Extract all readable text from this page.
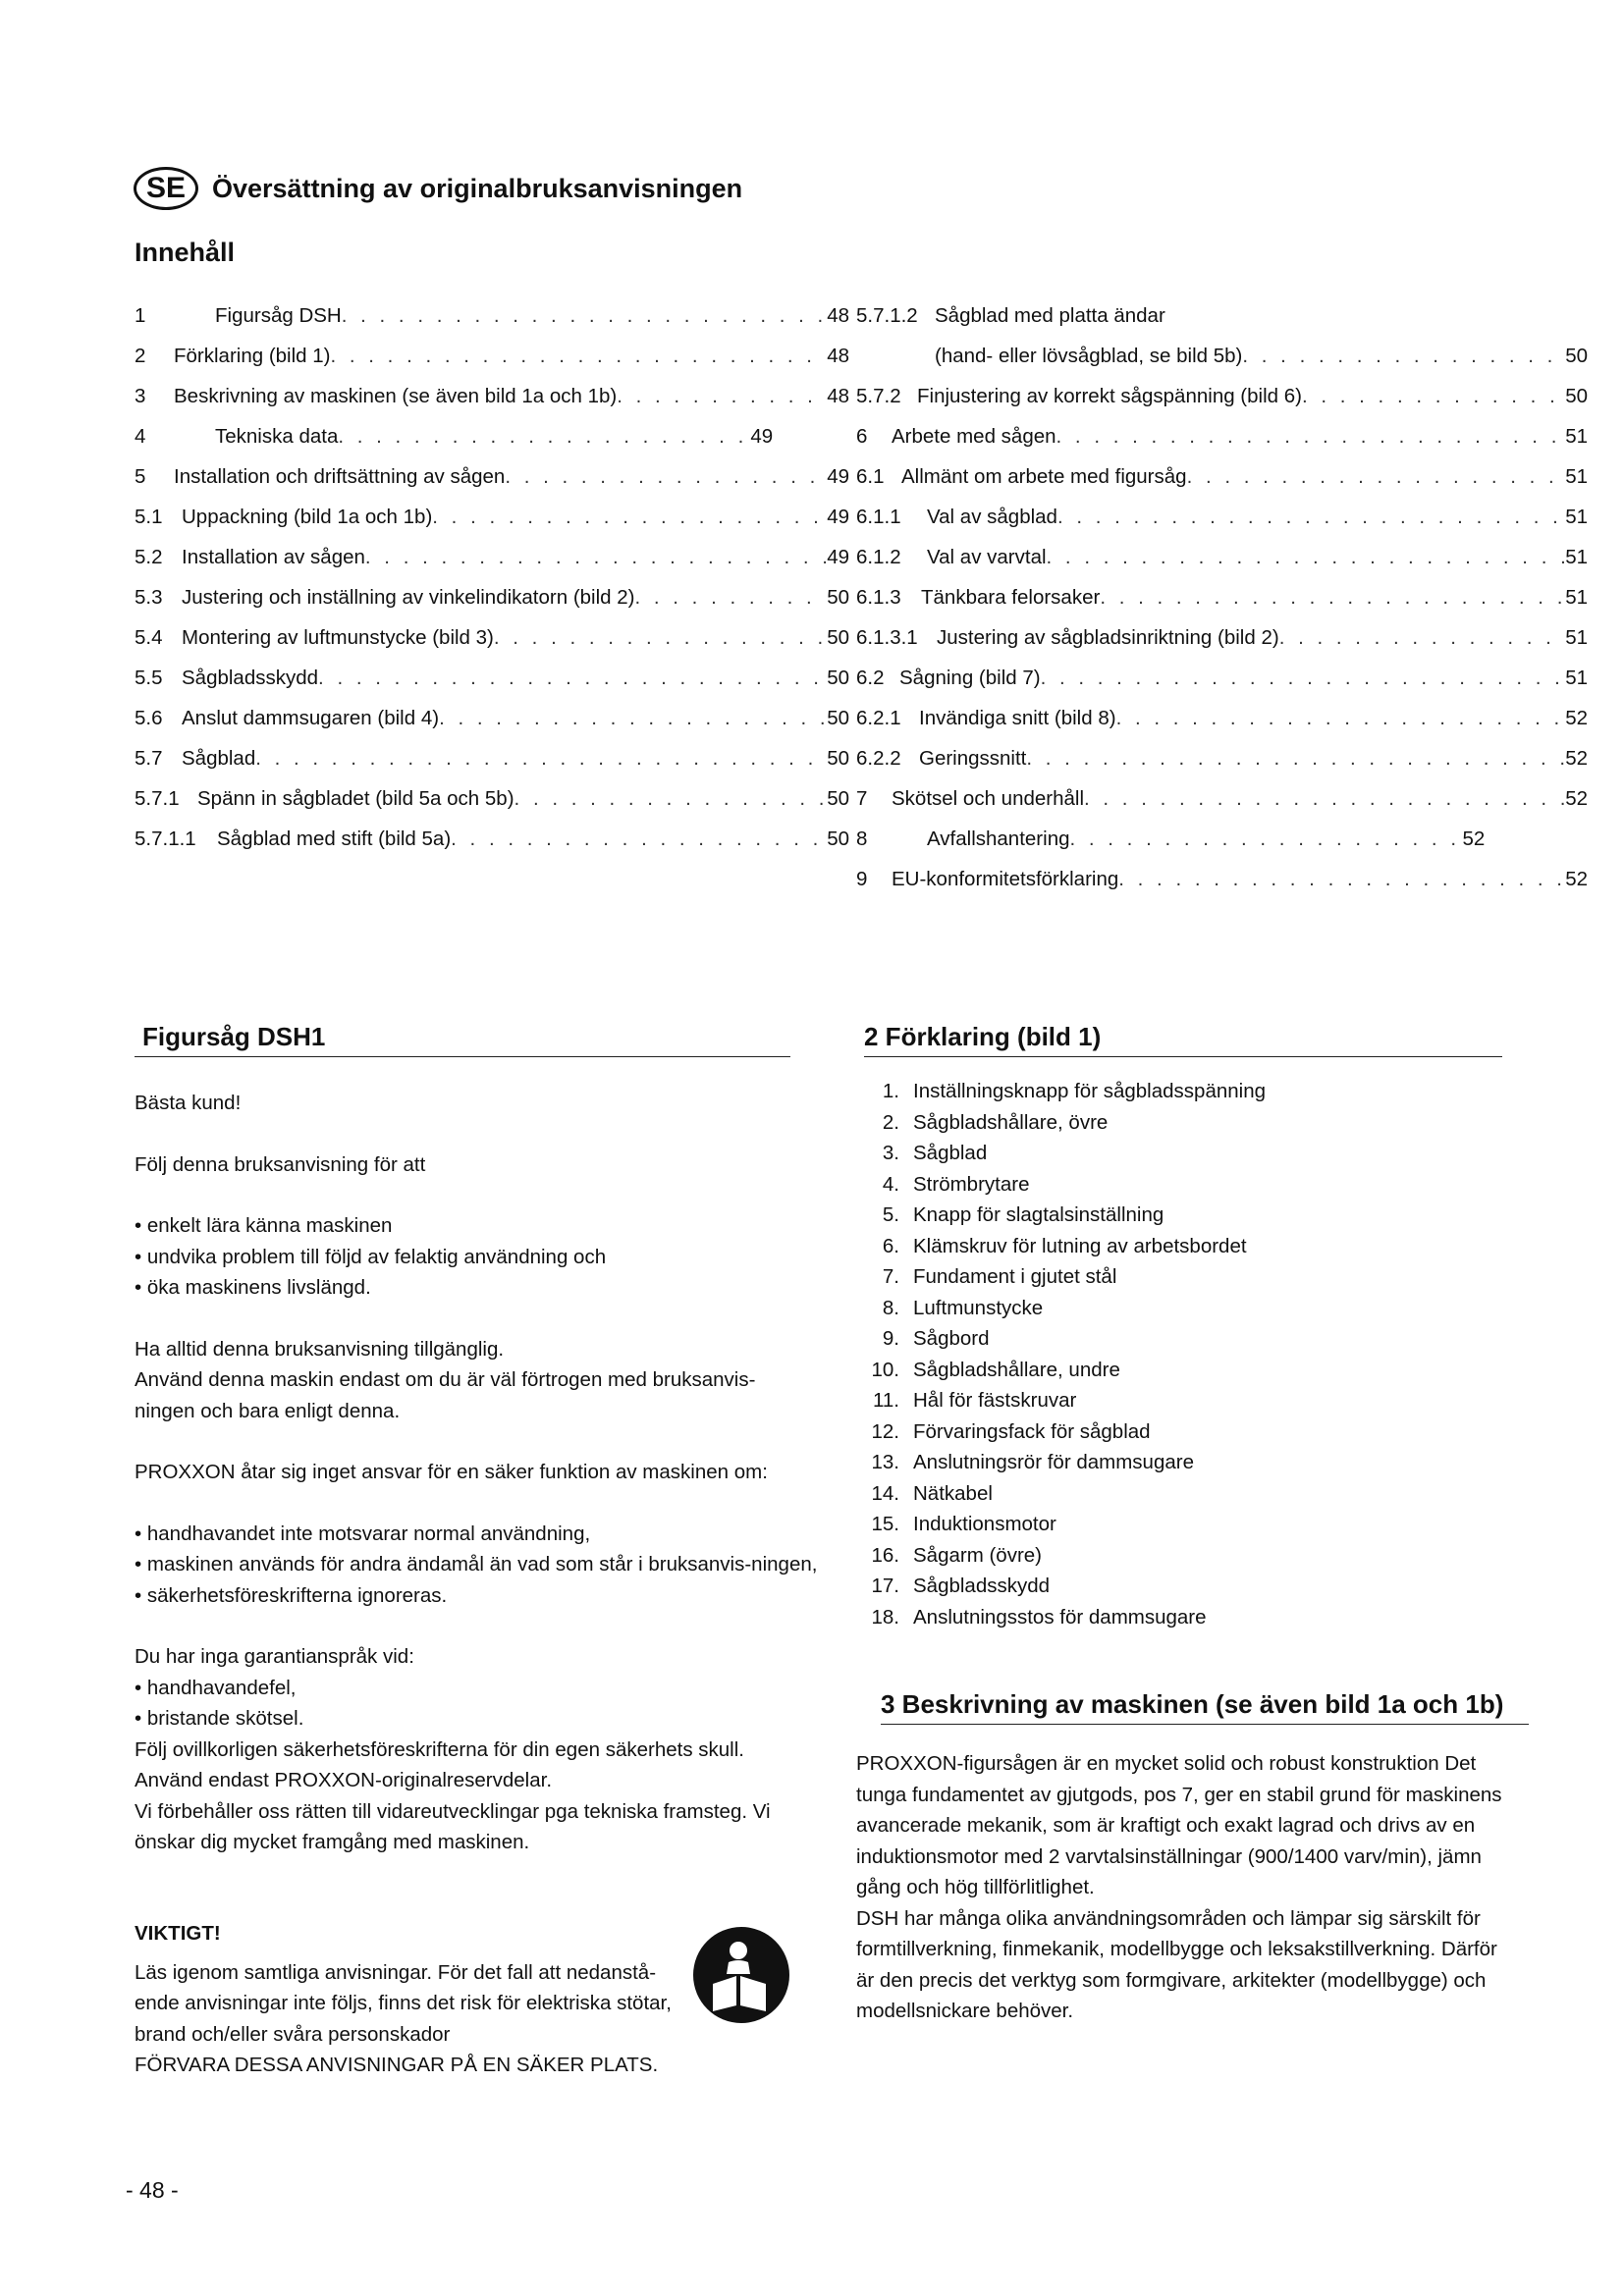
SE Översättning av originalbruksanvisningen
Innehåll
1	Figursåg DSH . . .	48
2	Förklaring (bild 1) . . .	48
3	Beskrivning av maskinen (se även bild 1a och 1b) . . .	48
4	Tekniska data . . .	49
5	Installation och driftsättning av sågen . . .	49
5.1 Uppackning (bild 1a och 1b) . . .	49
5.2 Installation av sågen . . .	49
5.3 Justering och inställning av vinkelindikatorn (bild 2) . . .	50
5.4 Montering av luftmunstycke (bild 3) . . .	50
5.5 Sågbladsskydd . . .	50
5.6 Anslut dammsugaren (bild 4) . . .	50
5.7 Sågblad . . .	50
5.7.1 Spänn in sågbladet (bild 5a och 5b) . . .	50
5.7.1.1	Sågblad med stift (bild 5a) . . .	50
5.7.1.2 Sågblad med platta ändar
(hand- eller lövsågblad, se bild 5b) . . .	50
5.7.2 Finjustering av korrekt sågspänning (bild 6) . . .	50
6	Arbete med sågen . . .	51
6.1 Allmänt om arbete med figursåg . . .	51
6.1.1	Val av sågblad . . .	51
6.1.2	Val av varvtal . . .	51
6.1.3 Tänkbara felorsaker . . .	51
6.1.3.1 Justering av sågbladsinriktning (bild 2) . . .	51
6.2 Sågning (bild 7) . . .	51
6.2.1 Invändiga snitt (bild 8) . . .	52
6.2.2 Geringssnitt . . .	52
7	Skötsel och underhåll . . .	52
8	Avfallshantering . . .	52
9	EU-konformitetsförklaring . . .	52
Figursåg DSH1

Bästa kund!

Följ denna bruksanvisning för att

• enkelt lära känna maskinen

• undvika problem till följd av felaktig användning och

• öka maskinens livslängd.

Ha alltid denna bruksanvisning tillgänglig.

Använd denna maskin endast om du är väl förtrogen med bruksanvis-

ningen och bara enligt denna.

PROXXON åtar sig inget ansvar för en säker funktion av maskinen om:

• handhavandet inte motsvarar normal användning,

• maskinen används för andra ändamål än vad som står i bruksanvis-ningen,

• säkerhetsföreskrifterna ignoreras.

Du har inga garantianspråk vid:

• handhavandefel,

• bristande skötsel.

Följ ovillkorligen säkerhetsföreskrifterna för din egen säkerhets skull.

Använd endast PROXXON-originalreservdelar.

Vi förbehåller oss rätten till vidareutvecklingar pga tekniska framsteg. Vi

önskar dig mycket framgång med maskinen.

VIKTIGT!

Läs igenom samtliga anvisningar. För det fall att nedanstå-

ende anvisningar inte följs, finns det risk för elektriska stötar,

brand och/eller svåra personskador

FÖRVARA DESSA ANVISNINGAR PÅ EN SÄKER PLATS.

2 Förklaring (bild 1)
1. Inställningsknapp för sågbladsspänning
2. Sågbladshållare, övre
3. Sågblad
4. Strömbrytare
5. Knapp för slagtalsinställning
6. Klämskruv för lutning av arbetsbordet
7. Fundament i gjutet stål
8. Luftmunstycke
9. Sågbord
10. Sågbladshållare, undre
11. Hål för fästskruvar
12. Förvaringsfack för sågblad
13. Anslutningsrör för dammsugare
14. Nätkabel
15. Induktionsmotor
16. Sågarm (övre)
17. Sågbladsskydd
18. Anslutningsstos för dammsugare
3 Beskrivning av maskinen (se även bild 1a och 1b)

PROXXON-figursågen är en mycket solid och robust konstruktion Det

tunga fundamentet av gjutgods, pos 7, ger en stabil grund för maskinens

avancerade mekanik, som är kraftigt och exakt lagrad och drivs av en

induktionsmotor med 2 varvtalsinställningar (900/1400 varv/min), jämn

gång och hög tillförlitlighet.

DSH har många olika användningsområden och lämpar sig särskilt för

formtillverkning, finmekanik, modellbygge och leksakstillverkning. Därför

är den precis det verktyg som formgivare, arkitekter (modellbygge) och

modellsnickare behöver.

- 48 -
